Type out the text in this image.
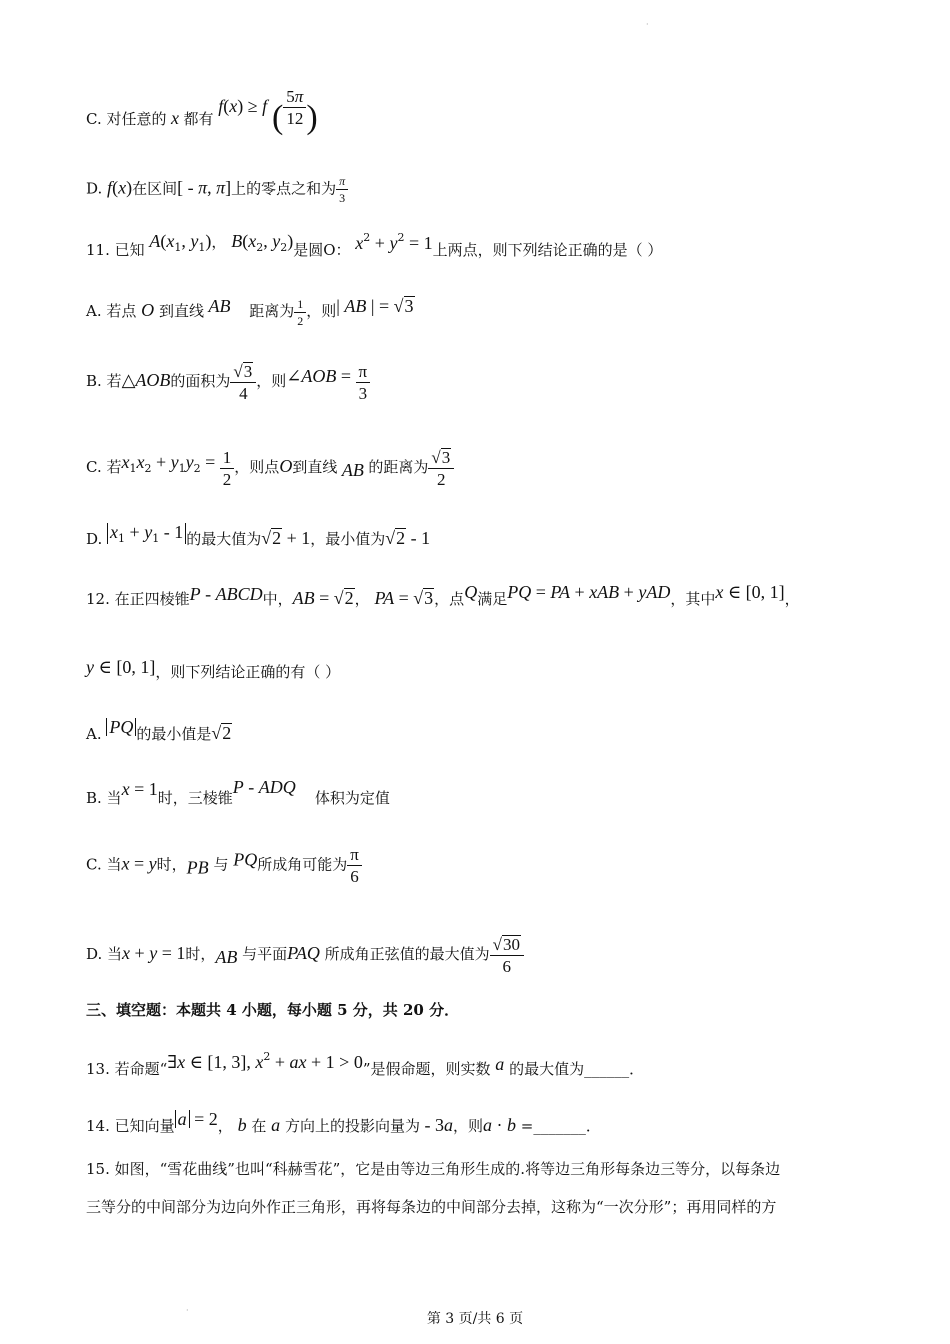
·
C. 对任意的 x 都有 f(x) ≥ f ( $\frac{5\pi}{12}$ )
D. f(x)在区间[ - π, π]上的零点之和为 $\frac{\pi}{3}$
11. 已知 $A(x_1$, $y_1$)， $B(x_2$, $y_2$)是圆O： $x^2 + y^2 = 1$上两点，则下列结论正确的是（ ）
A. 若点 O 到直线 AB    距离为 $\frac{1}{2}$ ，则| AB | = √3
B. 若△AOB的面积为 $\frac{√3}{4}$ ，则∠AOB = $\frac{\pi}{3}$
C. 若$x_1x_2 + y_1y_2 = \frac{1}{2}$ ，则点O到直线 AB 的距离为 $\frac{√3}{2}$
D. $x_1 + y_1 - 1$ 的最大值为√2 + 1，最小值为√2 - 1
12. 在正四棱锥P - ABCD中，AB = √2， PA = √3，点Q满足PQ = PA + xAB + yAD，其中x ∈ [0, 1]，
y ∈ [0, 1]，则下列结论正确的有（ ）
A. PQ 的最小值是√2
B. 当x = 1时，三棱锥P - ADQ    体积为定值
C. 当x = y时，PB 与 PQ所成角可能为 $\frac{\pi}{6}$
D. 当x + y = 1时，AB 与平面PAQ 所成角正弦值的最大值为 $\frac{√30}{6}$
三、填空题：本题共 4 小题，每小题 5 分，共 20 分．
13. 若命题“∃x ∈ [1, 3], $x^2$ + ax + 1 > 0”是假命题，则实数 a 的最大值为______．
14. 已知向量 a = 2， b 在 a 方向上的投影向量为 - 3a，则a · b =_______．
15. 如图，“雪花曲线”也叫“科赫雪花”，它是由等边三角形生成的.将等边三角形每条边三等分，以每条边
三等分的中间部分为边向外作正三角形，再将每条边的中间部分去掉，这称为“一次分形”；再用同样的方
·
第 3 页/共 6 页
